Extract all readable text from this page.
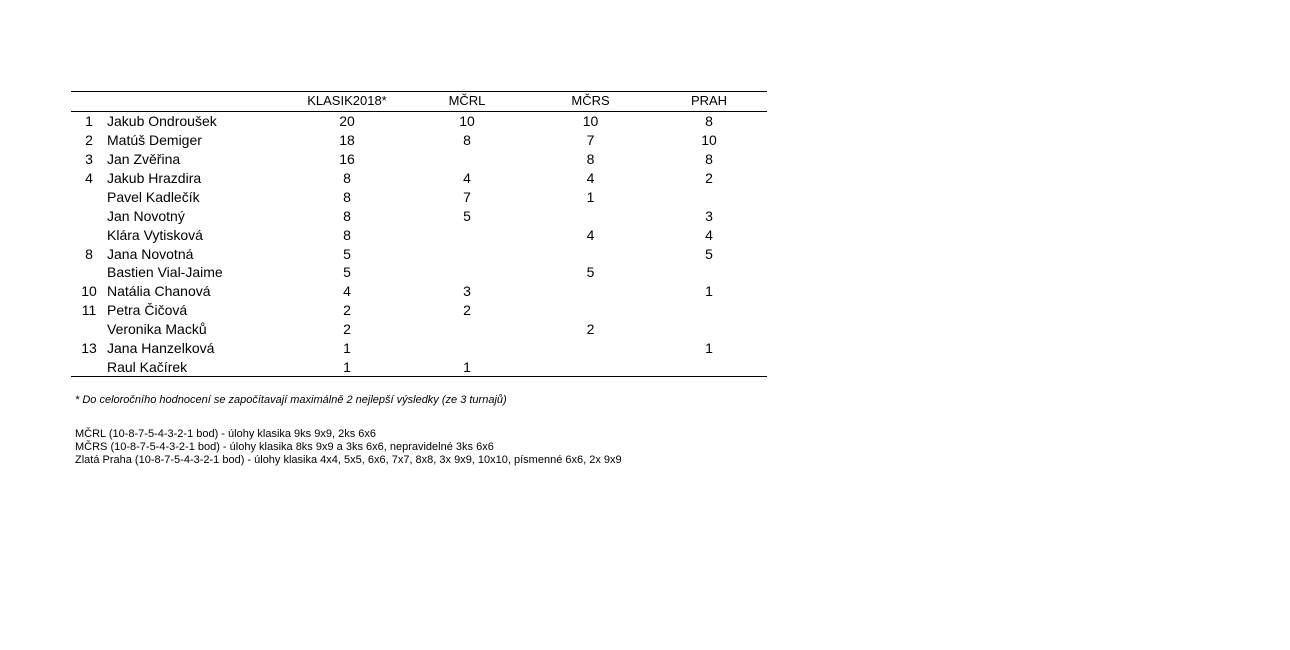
		KLASIK2018*	MČRL	MČRS	PRAH
1	Jakub Ondroušek	20	10	10	8
2	Matúš Demiger	18	8	7	10
3	Jan Zvěřina	16		8	8
4	Jakub Hrazdira	8	4	4	2
	Pavel Kadlečík	8	7	1	
	Jan Novotný	8	5		3
	Klára Vytisková	8		4	4
8	Jana Novotná	5			5
	Bastien Vial-Jaime	5		5	
10	Natália Chanová	4	3		1
11	Petra Čičová	2	2		
	Veronika Macků	2		2	
13	Jana Hanzelková	1			1
	Raul Kačírek	1	1		
* Do celoročního hodnocení se započítavají maximálně 2 nejlepší výsledky (ze 3 turnajů)
MČRL (10-8-7-5-4-3-2-1 bod) - úlohy klasika 9ks 9x9, 2ks 6x6
MČRS (10-8-7-5-4-3-2-1 bod) - úlohy klasika 8ks 9x9 a 3ks 6x6, nepravidelné 3ks 6x6
Zlatá Praha (10-8-7-5-4-3-2-1 bod) - úlohy klasika 4x4, 5x5, 6x6, 7x7, 8x8, 3x 9x9, 10x10, písmenné 6x6, 2x 9x9
